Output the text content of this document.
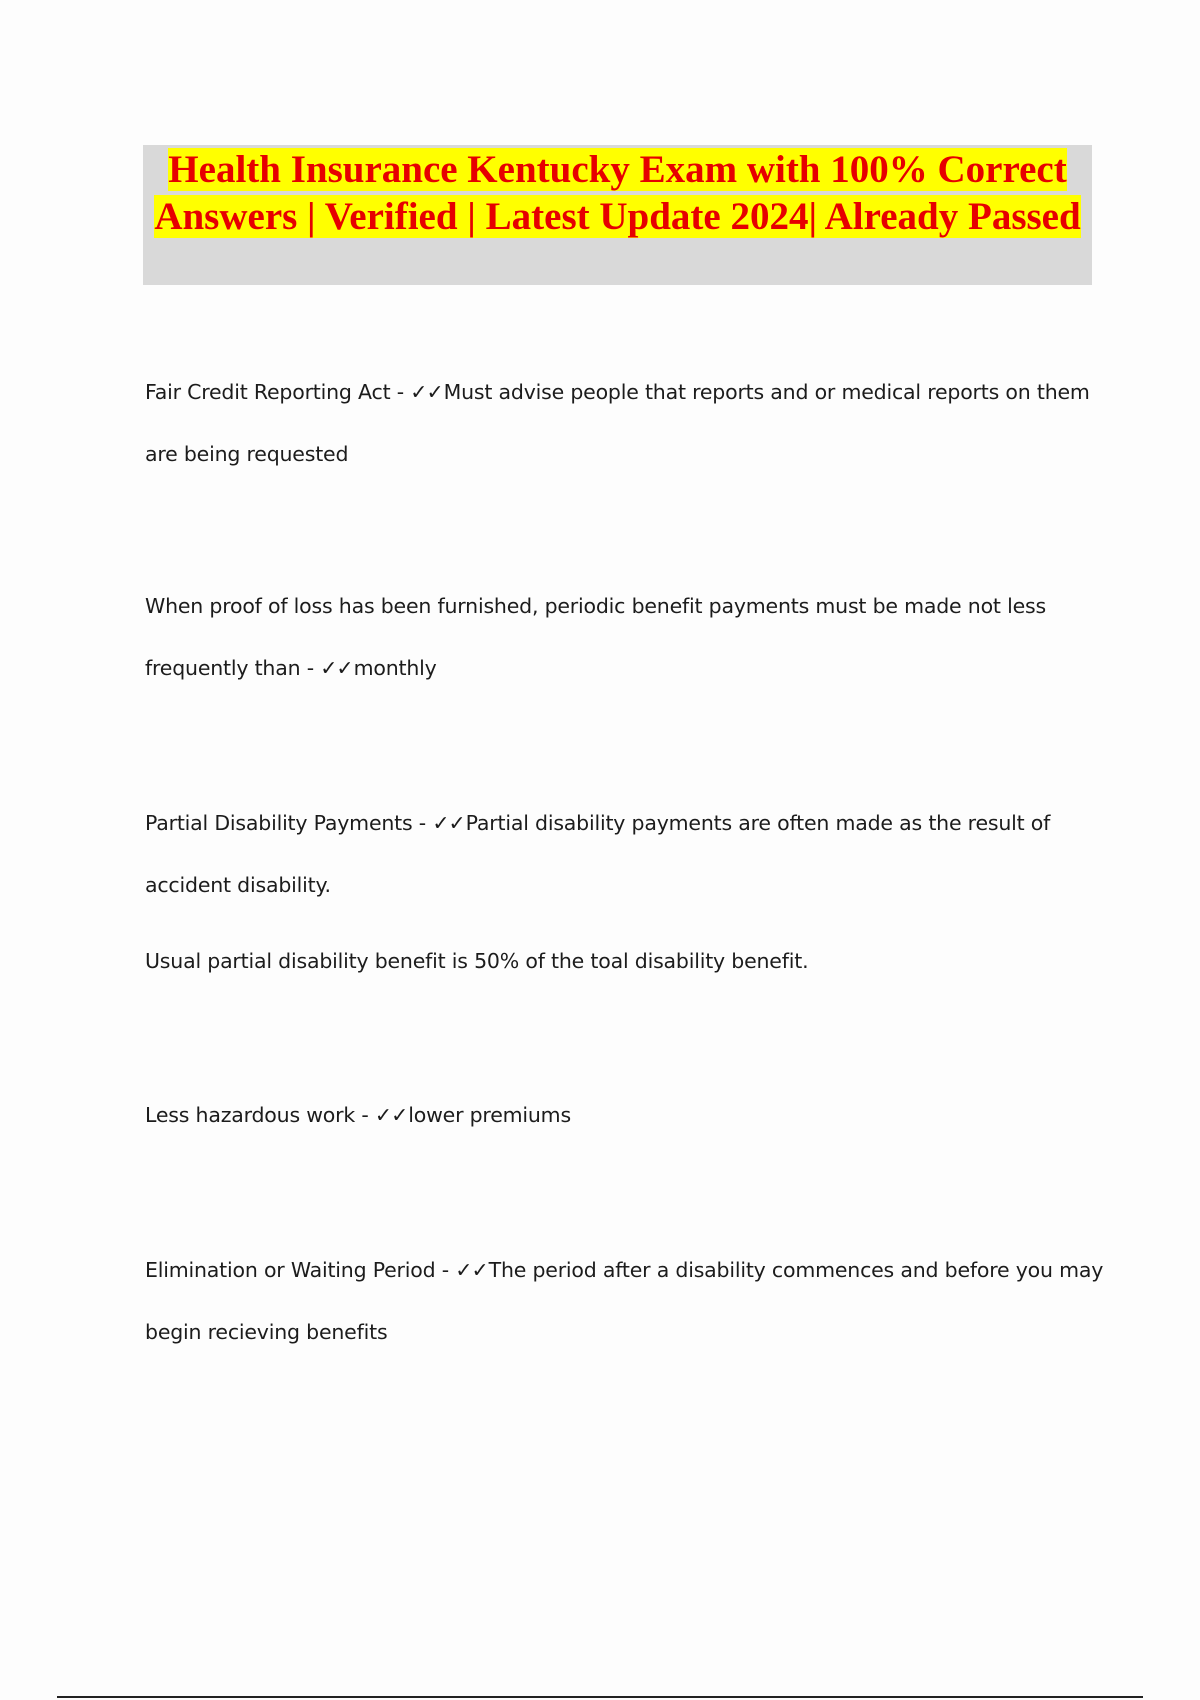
Health Insurance Kentucky Exam with 100% Correct Answers | Verified | Latest Update 2024| Already Passed
Fair Credit Reporting Act - ✓✓Must advise people that reports and or medical reports on them
are being requested
When proof of loss has been furnished, periodic benefit payments must be made not less
frequently than - ✓✓monthly
Partial Disability Payments - ✓✓Partial disability payments are often made as the result of
accident disability.
Usual partial disability benefit is 50% of the toal disability benefit.
Less hazardous work - ✓✓lower premiums
Elimination or Waiting Period - ✓✓The period after a disability commences and before you may
begin recieving benefits
